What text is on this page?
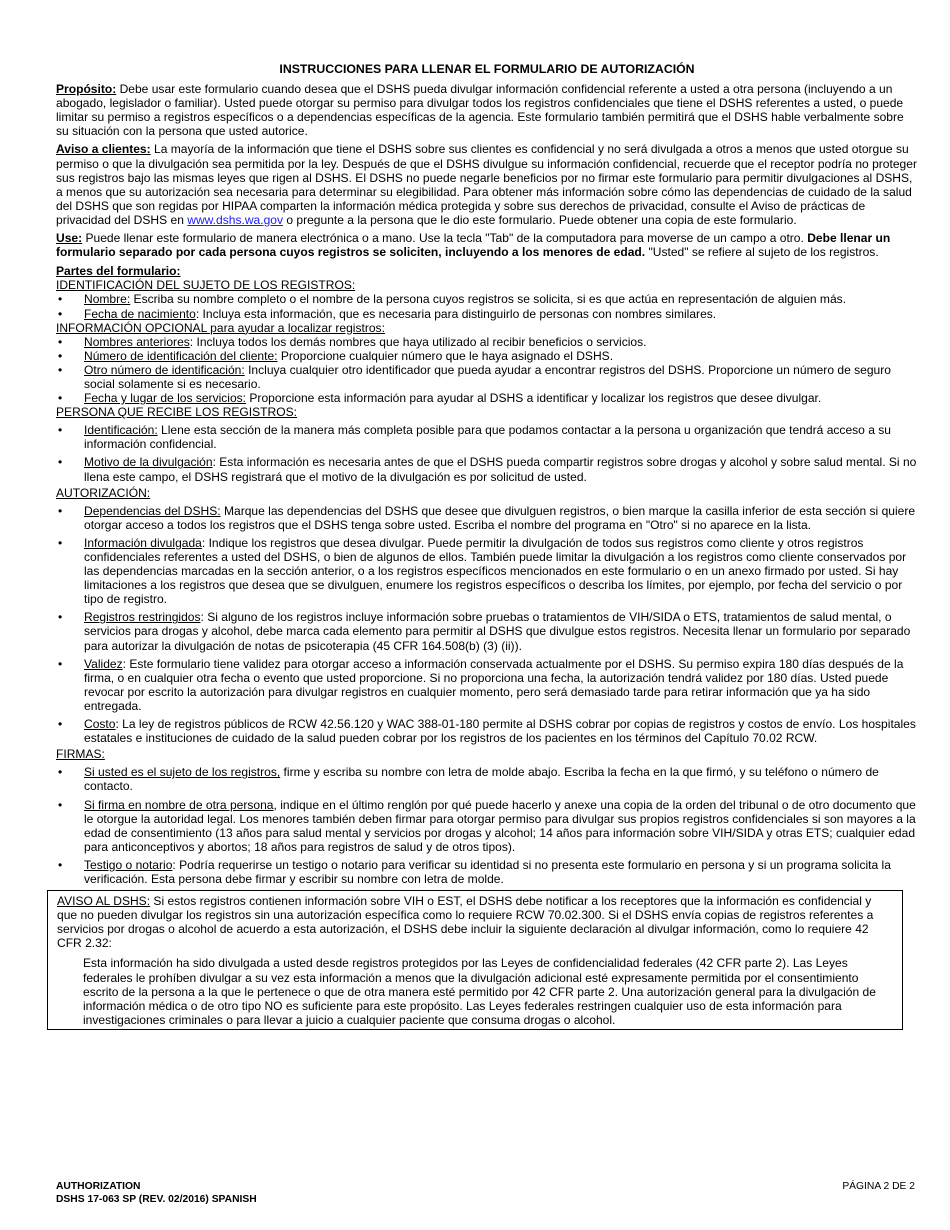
INSTRUCCIONES PARA LLENAR EL FORMULARIO DE AUTORIZACIÓN

Propósito: Debe usar este formulario cuando desea que el DSHS pueda divulgar información confidencial referente a usted a otra persona (incluyendo a un abogado, legislador o familiar). Usted puede otorgar su permiso para divulgar todos los registros confidenciales que tiene el DSHS referentes a usted, o puede limitar su permiso a registros específicos o a dependencias específicas de la agencia. Este formulario también permitirá que el DSHS hable verbalmente sobre su situación con la persona que usted autorice.

Aviso a clientes: La mayoría de la información que tiene el DSHS sobre sus clientes es confidencial y no será divulgada a otros a menos que usted otorgue su permiso o que la divulgación sea permitida por la ley. Después de que el DSHS divulgue su información confidencial, recuerde que el receptor podría no proteger sus registros bajo las mismas leyes que rigen al DSHS. El DSHS no puede negarle beneficios por no firmar este formulario para permitir divulgaciones al DSHS, a menos que su autorización sea necesaria para determinar su elegibilidad. Para obtener más información sobre cómo las dependencias de cuidado de la salud del DSHS que son regidas por HIPAA comparten la información médica protegida y sobre sus derechos de privacidad, consulte el Aviso de prácticas de privacidad del DSHS en www.dshs.wa.gov o pregunte a la persona que le dio este formulario. Puede obtener una copia de este formulario.

Use: Puede llenar este formulario de manera electrónica o a mano. Use la tecla "Tab" de la computadora para moverse de un campo a otro. Debe llenar un formulario separado por cada persona cuyos registros se soliciten, incluyendo a los menores de edad. "Usted" se refiere al sujeto de los registros.

Partes del formulario:
IDENTIFICACIÓN DEL SUJETO DE LOS REGISTROS:
• Nombre: Escriba su nombre completo o el nombre de la persona cuyos registros se solicita, si es que actúa en representación de alguien más.
• Fecha de nacimiento: Incluya esta información, que es necesaria para distinguirlo de personas con nombres similares.
INFORMACIÓN OPCIONAL para ayudar a localizar registros:
• Nombres anteriores: Incluya todos los demás nombres que haya utilizado al recibir beneficios o servicios.
• Número de identificación del cliente: Proporcione cualquier número que le haya asignado el DSHS.
• Otro número de identificación: Incluya cualquier otro identificador que pueda ayudar a encontrar registros del DSHS. Proporcione un número de seguro social solamente si es necesario.
• Fecha y lugar de los servicios: Proporcione esta información para ayudar al DSHS a identificar y localizar los registros que desee divulgar.
PERSONA QUE RECIBE LOS REGISTROS:
• Identificación: Llene esta sección de la manera más completa posible para que podamos contactar a la persona u organización que tendrá acceso a su información confidencial.
• Motivo de la divulgación: Esta información es necesaria antes de que el DSHS pueda compartir registros sobre drogas y alcohol y sobre salud mental. Si no llena este campo, el DSHS registrará que el motivo de la divulgación es por solicitud de usted.
AUTORIZACIÓN:
• Dependencias del DSHS: Marque las dependencias del DSHS que desee que divulguen registros, o bien marque la casilla inferior de esta sección si quiere otorgar acceso a todos los registros que el DSHS tenga sobre usted. Escriba el nombre del programa en "Otro" si no aparece en la lista.
• Información divulgada: Indique los registros que desea divulgar. Puede permitir la divulgación de todos sus registros como cliente y otros registros confidenciales referentes a usted del DSHS, o bien de algunos de ellos. También puede limitar la divulgación a los registros como cliente conservados por las dependencias marcadas en la sección anterior, o a los registros específicos mencionados en este formulario o en un anexo firmado por usted. Si hay limitaciones a los registros que desea que se divulguen, enumere los registros específicos o describa los límites, por ejemplo, por fecha del servicio o por tipo de registro.
• Registros restringidos: Si alguno de los registros incluye información sobre pruebas o tratamientos de VIH/SIDA o ETS, tratamientos de salud mental, o servicios para drogas y alcohol, debe marca cada elemento para permitir al DSHS que divulgue estos registros. Necesita llenar un formulario por separado para autorizar la divulgación de notas de psicoterapia (45 CFR 164.508(b) (3) (ii)).
• Validez: Este formulario tiene validez para otorgar acceso a información conservada actualmente por el DSHS. Su permiso expira 180 días después de la firma, o en cualquier otra fecha o evento que usted proporcione. Si no proporciona una fecha, la autorización tendrá validez por 180 días. Usted puede revocar por escrito la autorización para divulgar registros en cualquier momento, pero será demasiado tarde para retirar información que ya ha sido entregada.
• Costo: La ley de registros públicos de RCW 42.56.120 y WAC 388-01-180 permite al DSHS cobrar por copias de registros y costos de envío. Los hospitales estatales e instituciones de cuidado de la salud pueden cobrar por los registros de los pacientes en los términos del Capítulo 70.02 RCW.
FIRMAS:
• Si usted es el sujeto de los registros, firme y escriba su nombre con letra de molde abajo. Escriba la fecha en la que firmó, y su teléfono o número de contacto.
• Si firma en nombre de otra persona, indique en el último renglón por qué puede hacerlo y anexe una copia de la orden del tribunal o de otro documento que le otorgue la autoridad legal. Los menores también deben firmar para otorgar permiso para divulgar sus propios registros confidenciales si son mayores a la edad de consentimiento (13 años para salud mental y servicios por drogas y alcohol; 14 años para información sobre VIH/SIDA y otras ETS; cualquier edad para anticonceptivos y abortos; 18 años para registros de salud y de otros tipos).
• Testigo o notario: Podría requerirse un testigo o notario para verificar su identidad si no presenta este formulario en persona y si un programa solicita la verificación. Esta persona debe firmar y escribir su nombre con letra de molde.
AVISO AL DSHS: Si estos registros contienen información sobre VIH o EST, el DSHS debe notificar a los receptores que la información es confidencial y que no pueden divulgar los registros sin una autorización específica como lo requiere RCW 70.02.300. Si el DSHS envía copias de registros referentes a servicios por drogas o alcohol de acuerdo a esta autorización, el DSHS debe incluir la siguiente declaración al divulgar información, como lo requiere 42 CFR 2.32:

Esta información ha sido divulgada a usted desde registros protegidos por las Leyes de confidencialidad federales (42 CFR parte 2). Las Leyes federales le prohíben divulgar a su vez esta información a menos que la divulgación adicional esté expresamente permitida por el consentimiento escrito de la persona a la que le pertenece o que de otra manera esté permitido por 42 CFR parte 2. Una autorización general para la divulgación de información médica o de otro tipo NO es suficiente para este propósito. Las Leyes federales restringen cualquier uso de esta información para investigaciones criminales o para llevar a juicio a cualquier paciente que consuma drogas o alcohol.

AUTHORIZATION
DSHS 17-063 SP (REV. 02/2016) SPANISH
PÁGINA 2 DE 2
